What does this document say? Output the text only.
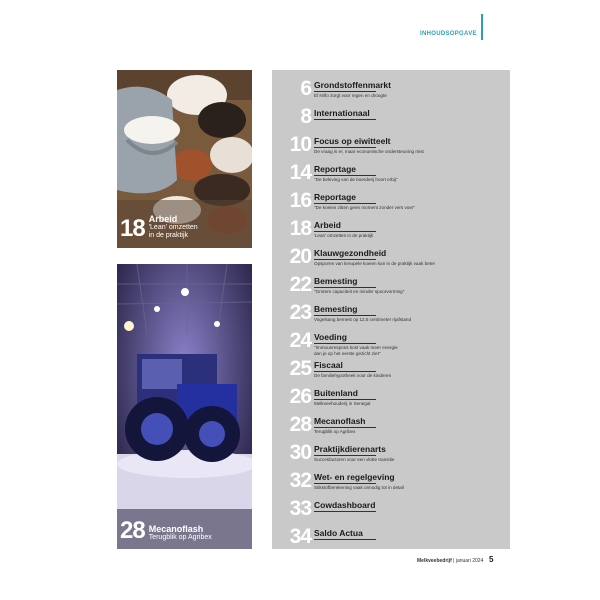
INHOUDSOPGAVE
18 Arbeid
'Lean' omzetten
in de praktijk
28 Mecanoflash
Terugblik op Agribex
6 Grondstoffenmarkt
El Niño zorgt voor regen en droogte
8 Internationaal
10 Focus op eiwitteelt
De vraag is er, maar economische ondersteuning mist
14 Reportage
"De beleving van de boerderij hoort erbij"
16 Reportage
"De koeien zitten geen moment zonder vers voer"
18 Arbeid
'Lean' omzetten in de praktijk
20 Klauwgezondheid
Opsporen van kreupele koeien kan in de praktijk vaak beter
22 Bemesting
"Grotere capaciteit en minder spoorvorming"
23 Bemesting
Vogelsang bemest op 12,5 centimeter rijafstand
24 Voeding
"Immuunrespons kost vaak meer energie
dan je op het eerste gezicht ziet"
25 Fiscaal
De familiehypotheek voor de kinderen
26 Buitenland
Melkveehouderij in Senegal
28 Mecanoflash
Terugblik op Agribex
30 Praktijkdierenarts
Succesfactoren voor een vlotte transitie
32 Wet- en regelgeving
Stikstofberekening vaak onnodig tot in detail
33 Cowdashboard
34 Saldo Actua
Melkveebedrijf | januari 2024 5
